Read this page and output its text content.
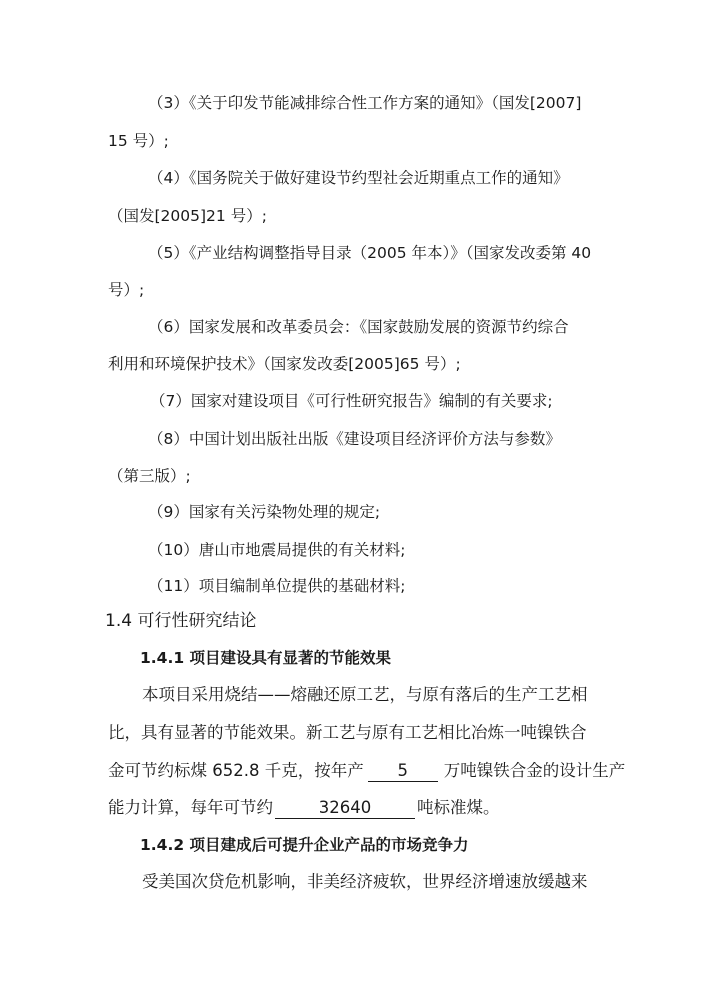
（3）《关于印发节能减排综合性工作方案的通知》（国发[2007]
15 号）;
（4）《国务院关于做好建设节约型社会近期重点工作的通知》
（国发[2005]21 号）;
（5）《产业结构调整指导目录（2005 年本）》（国家发改委第 40
号）;
（6）国家发展和改革委员会：《国家鼓励发展的资源节约综合
利用和环境保护技术》（国家发改委[2005]65 号）;
（7）国家对建设项目《可行性研究报告》编制的有关要求;
（8）中国计划出版社出版《建设项目经济评价方法与参数》
（第三版）;
（9）国家有关污染物处理的规定;
（10）唐山市地震局提供的有关材料;
（11）项目编制单位提供的基础材料;
1.4 可行性研究结论
1.4.1 项目建设具有显著的节能效果
本项目采用烧结——熔融还原工艺，与原有落后的生产工艺相
比，具有显著的节能效果。新工艺与原有工艺相比冶炼一吨镍铁合
金可节约标煤 652.8 千克，按年产 5 万吨镍铁合金的设计生产
能力计算，每年可节约	32640	吨标准煤。
1.4.2 项目建成后可提升企业产品的市场竞争力
受美国次贷危机影响，非美经济疲软，世界经济增速放缓越来
